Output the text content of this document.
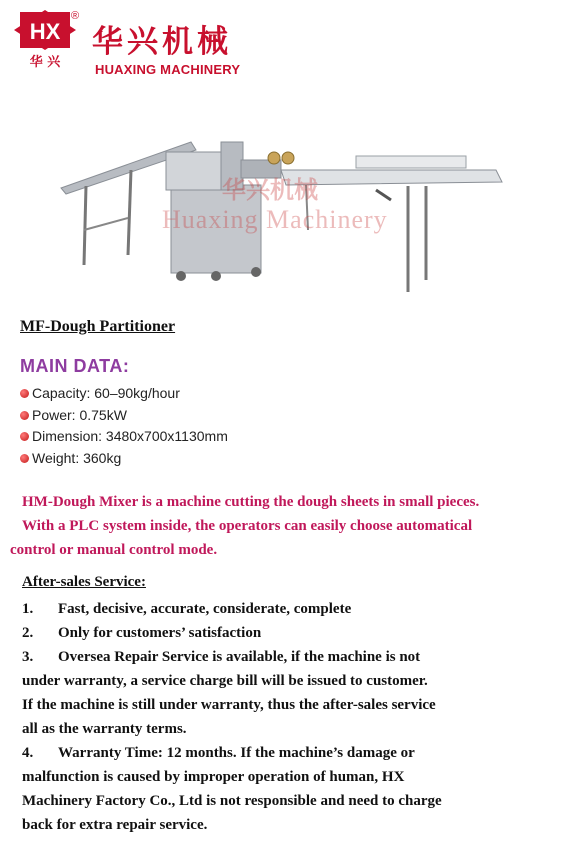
HX
华 兴
®
华兴机械
HUAXING MACHINERY
华兴机械
Huaxing Machinery
MF-Dough Partitioner
MAIN DATA:
Capacity: 60–90kg/hour
Power: 0.75kW
Dimension: 3480x700x1130mm
Weight: 360kg
HM-Dough Mixer is a machine cutting the dough sheets in small pieces.
With a PLC system inside, the operators can easily choose automatical
control or manual control mode.
After-sales Service:
1. Fast, decisive, accurate, considerate, complete
2. Only for customers’ satisfaction
3. Oversea Repair Service is available, if the machine is not
under warranty, a service charge bill will be issued to customer.
If the machine is still under warranty, thus the after-sales service
all as the warranty terms.
4. Warranty Time: 12 months. If the machine’s damage or
malfunction is caused by improper operation of human, HX
Machinery Factory Co., Ltd is not responsible and need to charge
back for extra repair service.
